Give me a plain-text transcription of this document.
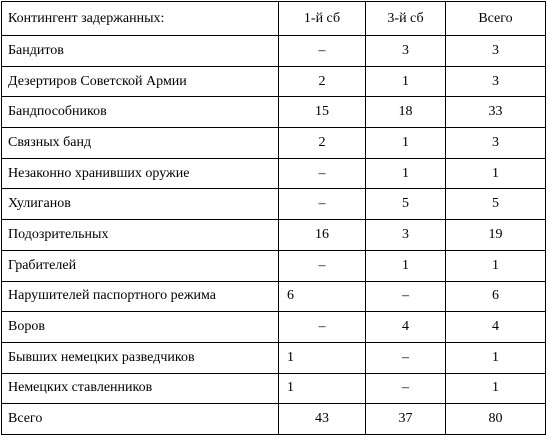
Контингент задержанных:	1-й сб	3-й сб	Всего
Бандитов	–	3	3
Дезертиров Советской Армии	2	1	3
Бандпособников	15	18	33
Связных банд	2	1	3
Незаконно хранивших оружие	–	1	1
Хулиганов	–	5	5
Подозрительных	16	3	19
Грабителей	–	1	1
Нарушителей паспортного режима	6	–	6
Воров	–	4	4
Бывших немецких разведчиков	1	–	1
Немецких ставленников	1	–	1
Всего	43	37	80
